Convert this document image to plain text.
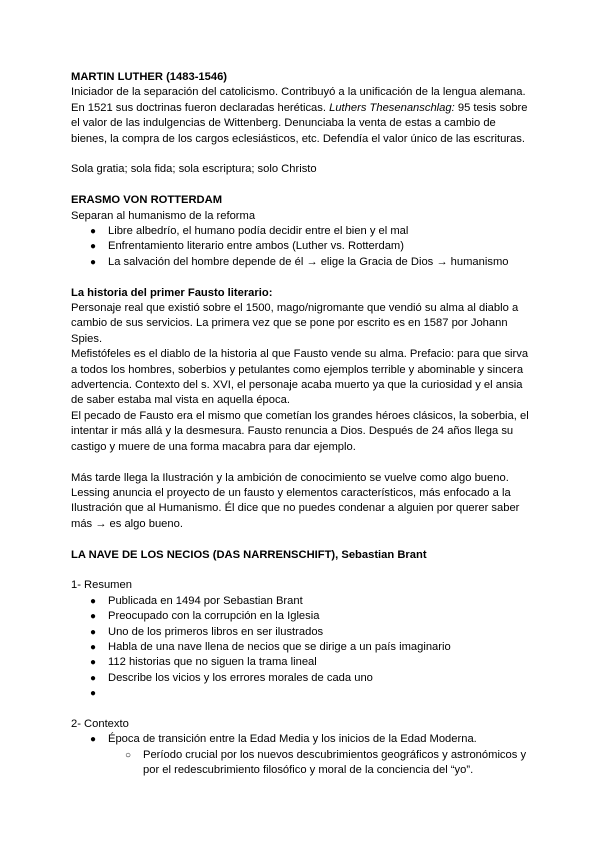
MARTIN LUTHER (1483-1546)

Iniciador de la separación del catolicismo. Contribuyó a la unificación de la lengua alemana. En 1521 sus doctrinas fueron declaradas heréticas. Luthers Thesenanschlag: 95 tesis sobre el valor de las indulgencias de Wittenberg. Denunciaba la venta de estas a cambio de bienes, la compra de los cargos eclesiásticos, etc. Defendía el valor único de las escrituras.

Sola gratia; sola fida; sola escriptura; solo Christo

ERASMO VON ROTTERDAM

Separan al humanismo de la reforma

● Libre albedrío, el humano podía decidir entre el bien y el mal
● Enfrentamiento literario entre ambos (Luther vs. Rotterdam)
● La salvación del hombre depende de él → elige la Gracia de Dios → humanismo

La historia del primer Fausto literario:

Personaje real que existió sobre el 1500, mago/nigromante que vendió su alma al diablo a cambio de sus servicios. La primera vez que se pone por escrito es en 1587 por Johann Spies.

Mefistófeles es el diablo de la historia al que Fausto vende su alma. Prefacio: para que sirva a todos los hombres, soberbios y petulantes como ejemplos terrible y abominable y sincera advertencia. Contexto del s. XVI, el personaje acaba muerto ya que la curiosidad y el ansia de saber estaba mal vista en aquella época.

El pecado de Fausto era el mismo que cometían los grandes héroes clásicos, la soberbia, el intentar ir más allá y la desmesura. Fausto renuncia a Dios. Después de 24 años llega su castigo y muere de una forma macabra para dar ejemplo.

Más tarde llega la Ilustración y la ambición de conocimiento se vuelve como algo bueno. Lessing anuncia el proyecto de un fausto y elementos característicos, más enfocado a la Ilustración que al Humanismo. Él dice que no puedes condenar a alguien por querer saber más → es algo bueno.

LA NAVE DE LOS NECIOS (DAS NARRENSCHIFT), Sebastian Brant

1- Resumen

● Publicada en 1494 por Sebastian Brant
● Preocupado con la corrupción en la Iglesia
● Uno de los primeros libros en ser ilustrados
● Habla de una nave llena de necios que se dirige a un país imaginario
● 112 historias que no siguen la trama lineal
● Describe los vicios y los errores morales de cada uno
●

2- Contexto

● Época de transición entre la Edad Media y los inicios de la Edad Moderna.
○ Período crucial por los nuevos descubrimientos geográficos y astronómicos y por el redescubrimiento filosófico y moral de la conciencia del “yo”.
